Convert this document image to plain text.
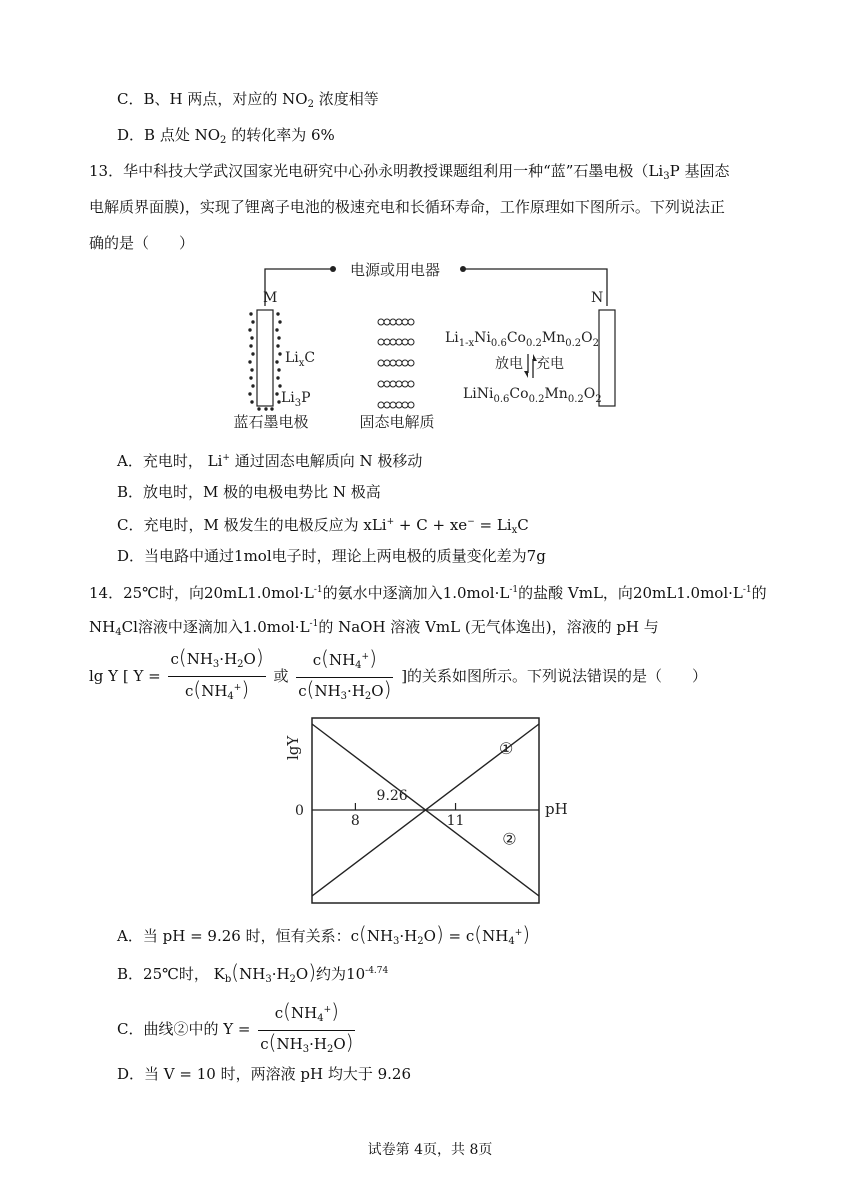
C．B、H 两点，对应的 $NO_2$ 浓度相等
D．B 点处 $NO_2$ 的转化率为 6%
13．华中科技大学武汉国家光电研究中心孙永明教授课题组利用一种“蓝”石墨电极（$Li_3P$ 基固态
电解质界面膜)，实现了锂离子电池的极速充电和长循环寿命，工作原理如下图所示。下列说法正
确的是（　　）
电源或用电器
M	N
$Li_xC$
$Li_3P$
蓝石墨电极	固态电解质
$Li_{1-x}Ni_{0.6}Co_{0.2}Mn_{0.2}O_2$
放电 充电
$LiNi_{0.6}Co_{0.2}Mn_{0.2}O_2$
A．充电时， Li+ 通过固态电解质向 N 极移动
B．放电时，M 极的电极电势比 N 极高
C．充电时，M 极发生的电极反应为 $xLi^+ + C + xe^- = Li_xC$
D．当电路中通过1mol电子时，理论上两电极的质量变化差为7g
14．25℃时，向$20mL1.0mol\cdot L^{-1}$的氨水中逐滴加入$1.0mol\cdot L^{-1}$的盐酸 VmL，向$20mL1.0mol\cdot L^{-1}$的
$NH_4Cl$溶液中逐滴加入$1.0mol\cdot L^{-1}$的 NaOH 溶液 VmL (无气体逸出)，溶液的 pH 与
lg Y [ $Y = \frac{c(NH_3\cdot H_2O)}{c(NH_4^+)}$ 或 $\frac{c(NH_4^+)}{c(NH_3\cdot H_2O)}$ ]的关系如图所示。下列说法错误的是（　　）
lgY
0	pH
①
②
8	11
9.26
A．当 pH = 9.26 时，恒有关系：$c(NH_3\cdot H_2O) = c(NH_4^+)$
B．25℃时， $K_b(NH_3\cdot H_2O)$约为$10^{-4.74}$
C．曲线②中的 $Y = \frac{c(NH_4^+)}{c(NH_3\cdot H_2O)}$
D．当 V = 10 时，两溶液 pH 均大于 9.26
试卷第 4页，共 8页
